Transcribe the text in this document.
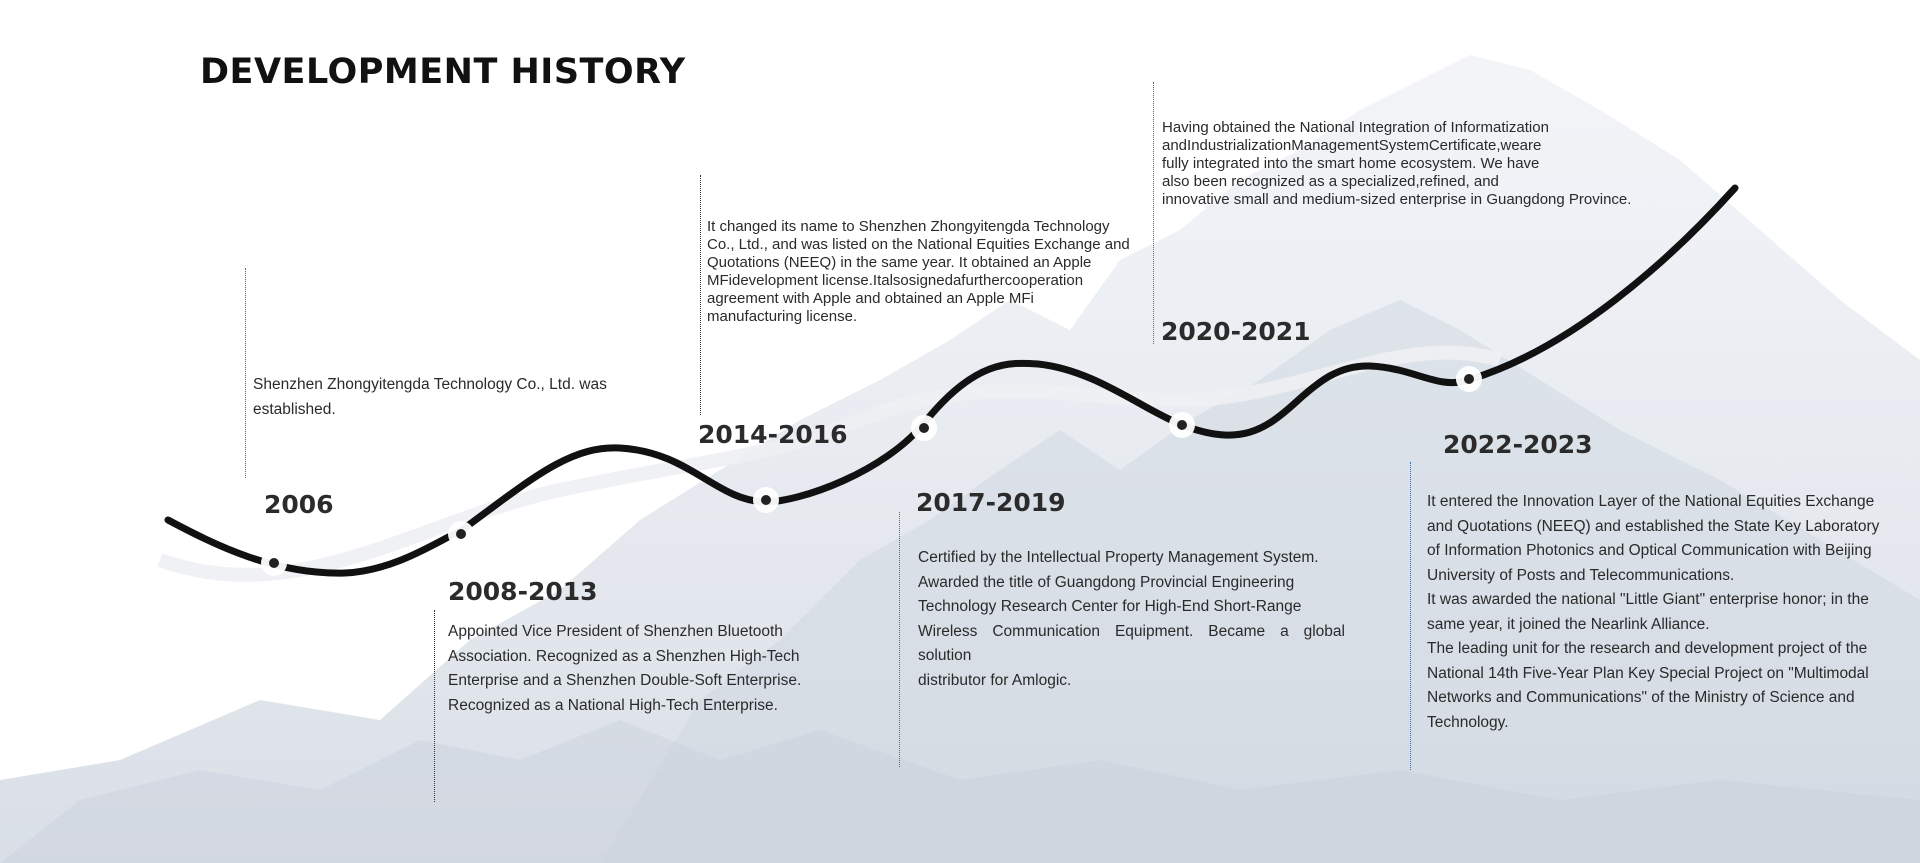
DEVELOPMENT HISTORY
Shenzhen Zhongyitengda Technology Co., Ltd. was
established.
2006
2008-2013
Appointed Vice President of Shenzhen Bluetooth
Association. Recognized as a Shenzhen High-Tech
Enterprise and a Shenzhen Double-Soft Enterprise.
Recognized as a National High-Tech Enterprise.
It changed its name to Shenzhen Zhongyitengda Technology
Co., Ltd., and was listed on the National Equities Exchange and
Quotations (NEEQ) in the same year. It obtained an Apple
MFidevelopment license.Italsosignedafurthercooperation
agreement with Apple and obtained an Apple MFi
manufacturing license.
2014-2016
2017-2019
Certified by the Intellectual Property Management System.
Awarded the title of Guangdong Provincial Engineering
Technology Research Center for High-End Short-Range
Wireless Communication Equipment. Became a global solution
distributor for Amlogic.
Having obtained the National Integration of Informatization
andIndustrializationManagementSystemCertificate,weare
fully integrated into the smart home ecosystem. We have
also been recognized as a specialized,refined, and
innovative small and medium-sized enterprise in Guangdong Province.
2020-2021
2022-2023
It entered the Innovation Layer of the National Equities Exchange
and Quotations (NEEQ) and established the State Key Laboratory
of Information Photonics and Optical Communication with Beijing
University of Posts and Telecommunications.
It was awarded the national "Little Giant" enterprise honor; in the
same year, it joined the Nearlink Alliance.
The leading unit for the research and development project of the
National 14th Five-Year Plan Key Special Project on "Multimodal
Networks and Communications" of the Ministry of Science and
Technology.
